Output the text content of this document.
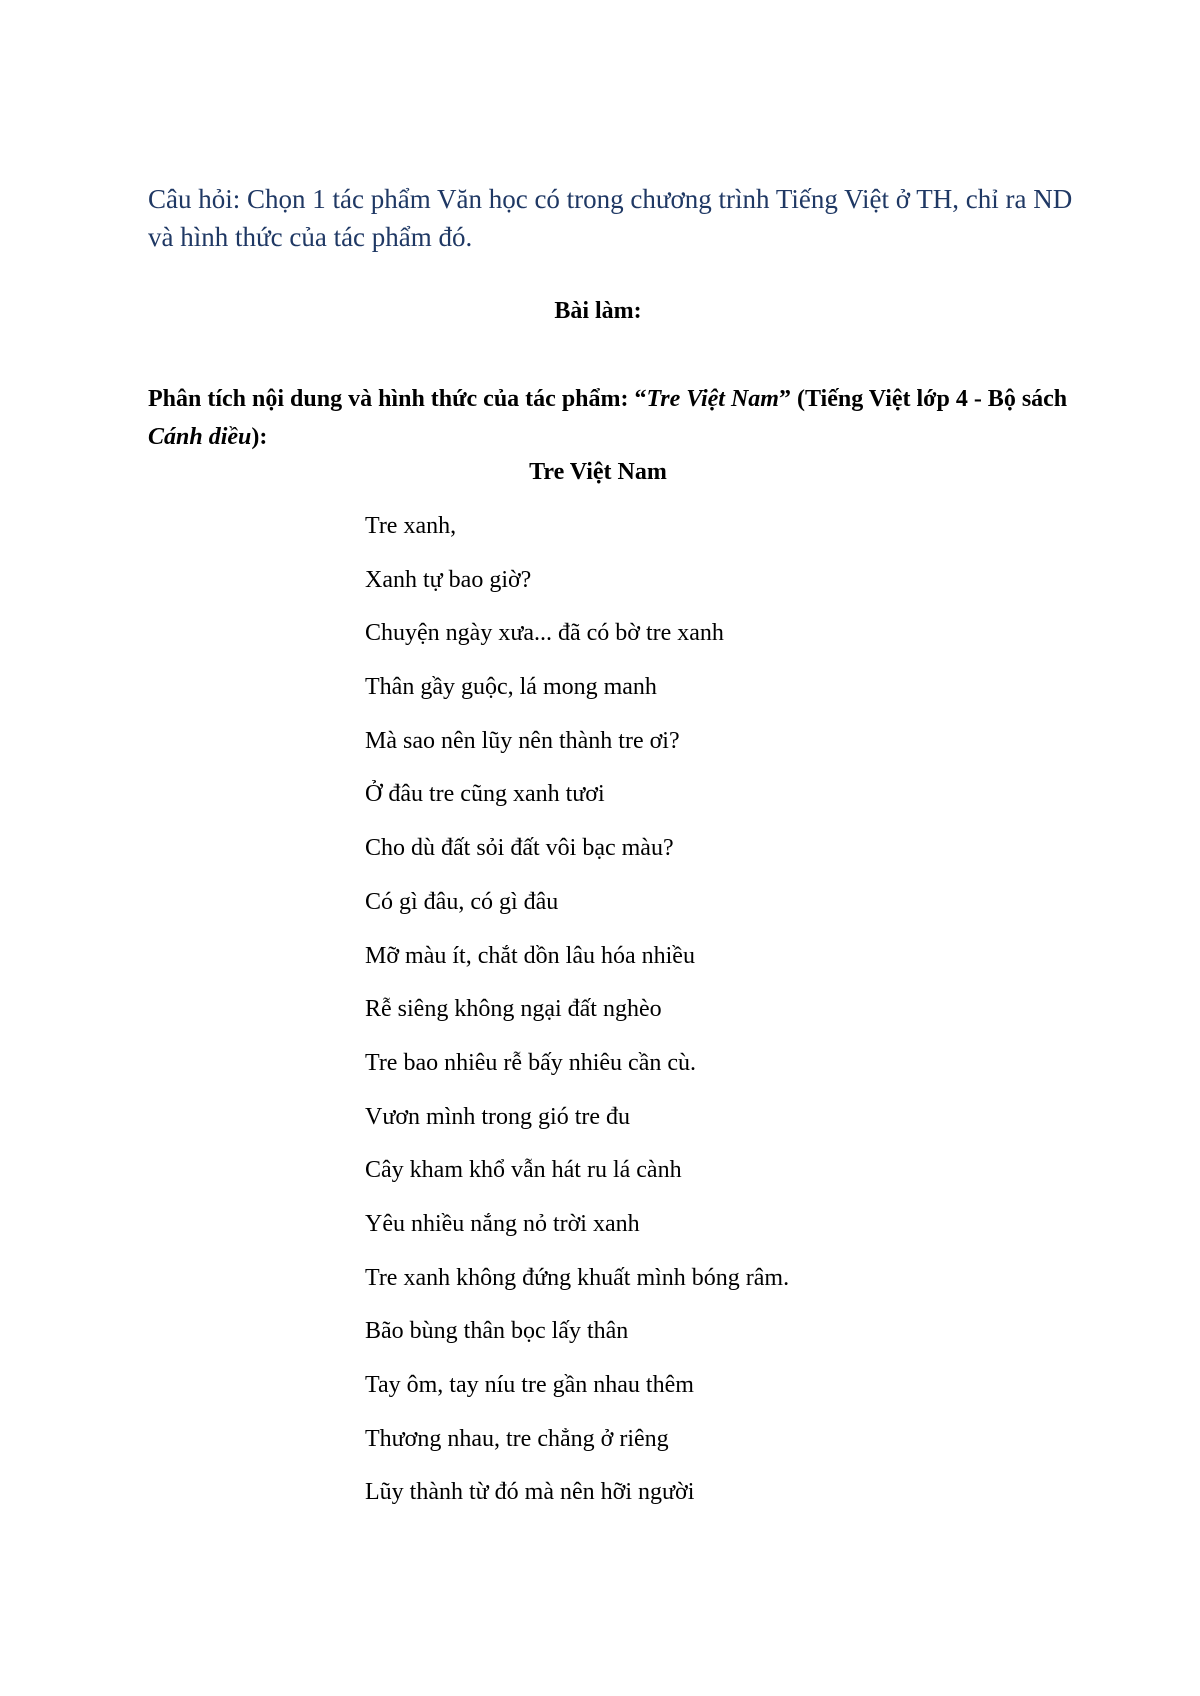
Câu hỏi: Chọn 1 tác phẩm Văn học có trong chương trình Tiếng Việt ở TH, chỉ ra ND và hình thức của tác phẩm đó.
Bài làm:
Phân tích nội dung và hình thức của tác phẩm: “Tre Việt Nam” (Tiếng Việt lớp 4 - Bộ sách Cánh diều):
Tre Việt Nam
Tre xanh,
Xanh tự bao giờ?
Chuyện ngày xưa... đã có bờ tre xanh
Thân gầy guộc, lá mong manh
Mà sao nên lũy nên thành tre ơi?
Ở đâu tre cũng xanh tươi
Cho dù đất sỏi đất vôi bạc màu?
Có gì đâu, có gì đâu
Mỡ màu ít, chắt dồn lâu hóa nhiều
Rễ siêng không ngại đất nghèo
Tre bao nhiêu rễ bấy nhiêu cần cù.
Vươn mình trong gió tre đu
Cây kham khổ vẫn hát ru lá cành
Yêu nhiều nắng nỏ trời xanh
Tre xanh không đứng khuất mình bóng râm.
Bão bùng thân bọc lấy thân
Tay ôm, tay níu tre gần nhau thêm
Thương nhau, tre chẳng ở riêng
Lũy thành từ đó mà nên hỡi người
